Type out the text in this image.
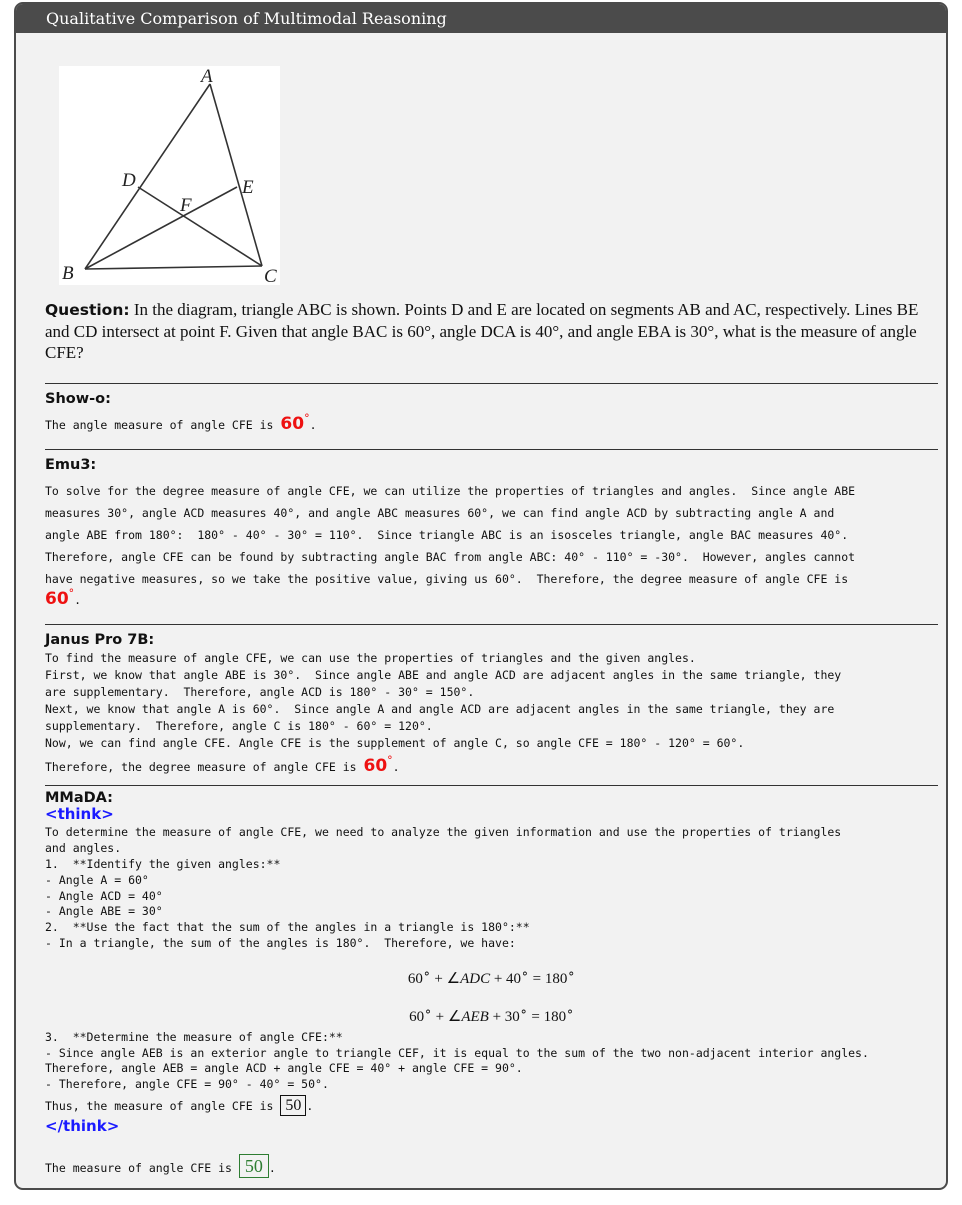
Qualitative Comparison of Multimodal Reasoning
A
B	C
D	E
F
Question: In the diagram, triangle ABC is shown. Points D and E are located on segments AB and AC, respectively. Lines BE and CD intersect at point F. Given that angle BAC is 60°, angle DCA is 40°, and angle EBA is 30°, what is the measure of angle CFE?
Show-o:
The angle measure of angle CFE is 60°.
Emu3:
To solve for the degree measure of angle CFE, we can utilize the properties of triangles and angles.  Since angle ABE
measures 30°, angle ACD measures 40°, and angle ABC measures 60°, we can find angle ACD by subtracting angle A and
angle ABE from 180°:  180° - 40° - 30° = 110°.  Since triangle ABC is an isosceles triangle, angle BAC measures 40°.
Therefore, angle CFE can be found by subtracting angle BAC from angle ABC: 40° - 110° = -30°.  However, angles cannot
have negative measures, so we take the positive value, giving us 60°.  Therefore, the degree measure of angle CFE is
60°.
Janus Pro 7B:
To find the measure of angle CFE, we can use the properties of triangles and the given angles.
First, we know that angle ABE is 30°.  Since angle ABE and angle ACD are adjacent angles in the same triangle, they
are supplementary.  Therefore, angle ACD is 180° - 30° = 150°.
Next, we know that angle A is 60°.  Since angle A and angle ACD are adjacent angles in the same triangle, they are
supplementary.  Therefore, angle C is 180° - 60° = 120°.
Now, we can find angle CFE. Angle CFE is the supplement of angle C, so angle CFE = 180° - 120° = 60°.
Therefore, the degree measure of angle CFE is 60°.
MMaDA:
<think>
To determine the measure of angle CFE, we need to analyze the given information and use the properties of triangles
and angles.
1.  **Identify the given angles:**
- Angle A = 60°
- Angle ACD = 40°
- Angle ABE = 30°
2.  **Use the fact that the sum of the angles in a triangle is 180°:**
- In a triangle, the sum of the angles is 180°.  Therefore, we have:
60∘ + ∠ADC + 40∘ = 180∘
60∘ + ∠AEB + 30∘ = 180∘
3.  **Determine the measure of angle CFE:**
- Since angle AEB is an exterior angle to triangle CEF, it is equal to the sum of the two non-adjacent interior angles.
Therefore, angle AEB = angle ACD + angle CFE = 40° + angle CFE = 90°.
- Therefore, angle CFE = 90° - 40° = 50°.
Thus, the measure of angle CFE is 50 .
</think>
The measure of angle CFE is 50 .
